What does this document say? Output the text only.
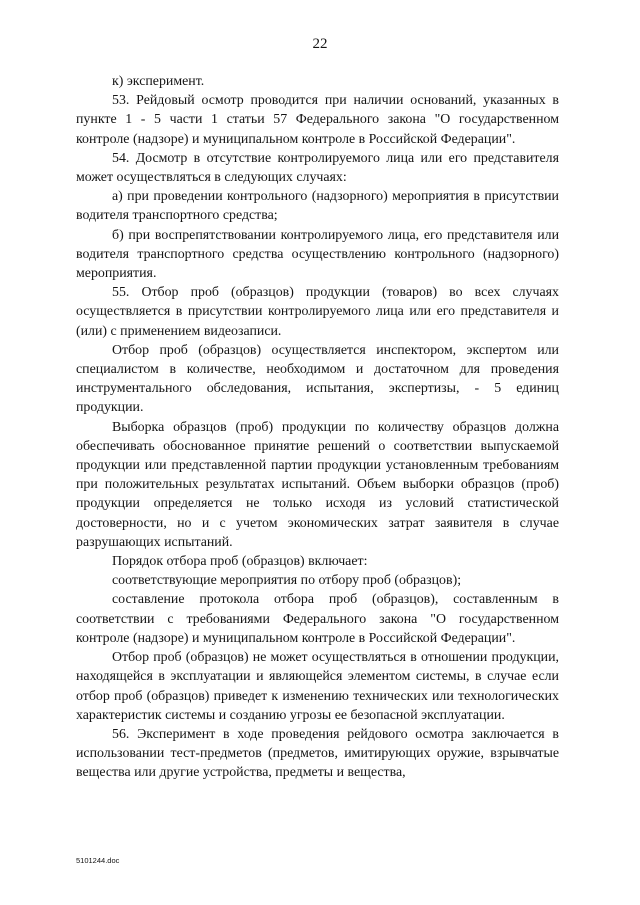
22

к) эксперимент.

53. Рейдовый осмотр проводится при наличии оснований, указанных в пункте 1 - 5 части 1 статьи 57 Федерального закона "О государственном контроле (надзоре) и муниципальном контроле в Российской Федерации".

54. Досмотр в отсутствие контролируемого лица или его представителя может осуществляться в следующих случаях:

а) при проведении контрольного (надзорного) мероприятия в присутствии водителя транспортного средства;

б) при воспрепятствовании контролируемого лица, его представителя или водителя транспортного средства осуществлению контрольного (надзорного) мероприятия.

55. Отбор проб (образцов) продукции (товаров) во всех случаях осуществляется в присутствии контролируемого лица или его представителя и (или) с применением видеозаписи.

Отбор проб (образцов) осуществляется инспектором, экспертом или специалистом в количестве, необходимом и достаточном для проведения инструментального обследования, испытания, экспертизы, - 5 единиц продукции.

Выборка образцов (проб) продукции по количеству образцов должна обеспечивать обоснованное принятие решений о соответствии выпускаемой продукции или представленной партии продукции установленным требованиям при положительных результатах испытаний. Объем выборки образцов (проб) продукции определяется не только исходя из условий статистической достоверности, но и с учетом экономических затрат заявителя в случае разрушающих испытаний.

Порядок отбора проб (образцов) включает:

соответствующие мероприятия по отбору проб (образцов);

составление протокола отбора проб (образцов), составленным в соответствии с требованиями Федерального закона "О государственном контроле (надзоре) и муниципальном контроле в Российской Федерации".

Отбор проб (образцов) не может осуществляться в отношении продукции, находящейся в эксплуатации и являющейся элементом системы, в случае если отбор проб (образцов) приведет к изменению технических или технологических характеристик системы и созданию угрозы ее безопасной эксплуатации.

56. Эксперимент в ходе проведения рейдового осмотра заключается в использовании тест-предметов (предметов, имитирующих оружие, взрывчатые вещества или другие устройства, предметы и вещества,

5101244.doc
